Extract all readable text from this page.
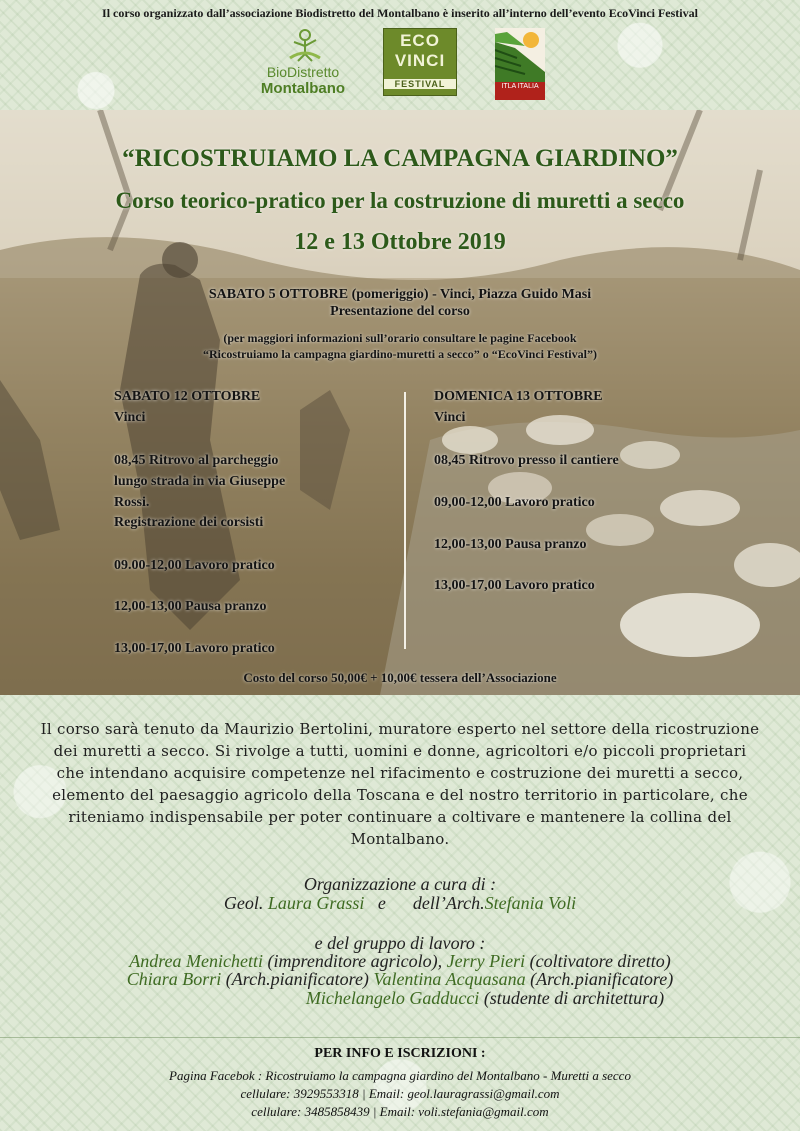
Il corso organizzato dall’associazione Biodistretto del Montalbano è inserito all’interno dell’evento EcoVinci Festival
BioDistretto
Montalbano
ECO
VINCI
FESTIVAL	ITLA ITALIA
“RICOSTRUIAMO LA CAMPAGNA GIARDINO”
Corso teorico-pratico per la costruzione di muretti a secco
12 e 13 Ottobre 2019
SABATO 5 OTTOBRE (pomeriggio) - Vinci, Piazza Guido Masi
Presentazione del corso
(per maggiori informazioni sull’orario consultare le pagine Facebook
“Ricostruiamo la campagna giardino-muretti a secco” o “EcoVinci Festival”)
SABATO 12 OTTOBRE
Vinci
08,45 Ritrovo al parcheggio
lungo strada in via Giuseppe
Rossi.
Registrazione dei corsisti
09.00-12,00 Lavoro pratico
12,00-13,00 Pausa pranzo
13,00-17,00 Lavoro pratico
DOMENICA 13 OTTOBRE
Vinci
08,45 Ritrovo presso il cantiere
09,00-12,00 Lavoro pratico
12,00-13,00 Pausa pranzo
13,00-17,00 Lavoro pratico
Costo del corso 50,00€ + 10,00€ tessera dell’Associazione
Il corso sarà tenuto da Maurizio Bertolini, muratore esperto nel settore della ricostruzione
dei muretti a secco. Si rivolge a tutti, uomini e donne, agricoltori e/o piccoli proprietari
che intendano acquisire competenze nel rifacimento e costruzione dei muretti a secco,
elemento del paesaggio agricolo della Toscana e del nostro territorio in particolare, che
riteniamo indispensabile per poter continuare a coltivare e mantenere la collina del
Montalbano.
Organizzazione a cura di :
Geol. Laura Grassi e dell’Arch.Stefania Voli
e del gruppo di lavoro :
Andrea Menichetti (imprenditore agricolo), Jerry Pieri (coltivatore diretto)
Chiara Borri (Arch.pianificatore) Valentina Acquasana (Arch.pianificatore)
Michelangelo Gadducci (studente di architettura)
PER INFO E ISCRIZIONI :
Pagina Facebok : Ricostruiamo la campagna giardino del Montalbano - Muretti a secco
cellulare: 3929553318 | Email: geol.lauragrassi@gmail.com
cellulare: 3485858439 | Email: voli.stefania@gmail.com
